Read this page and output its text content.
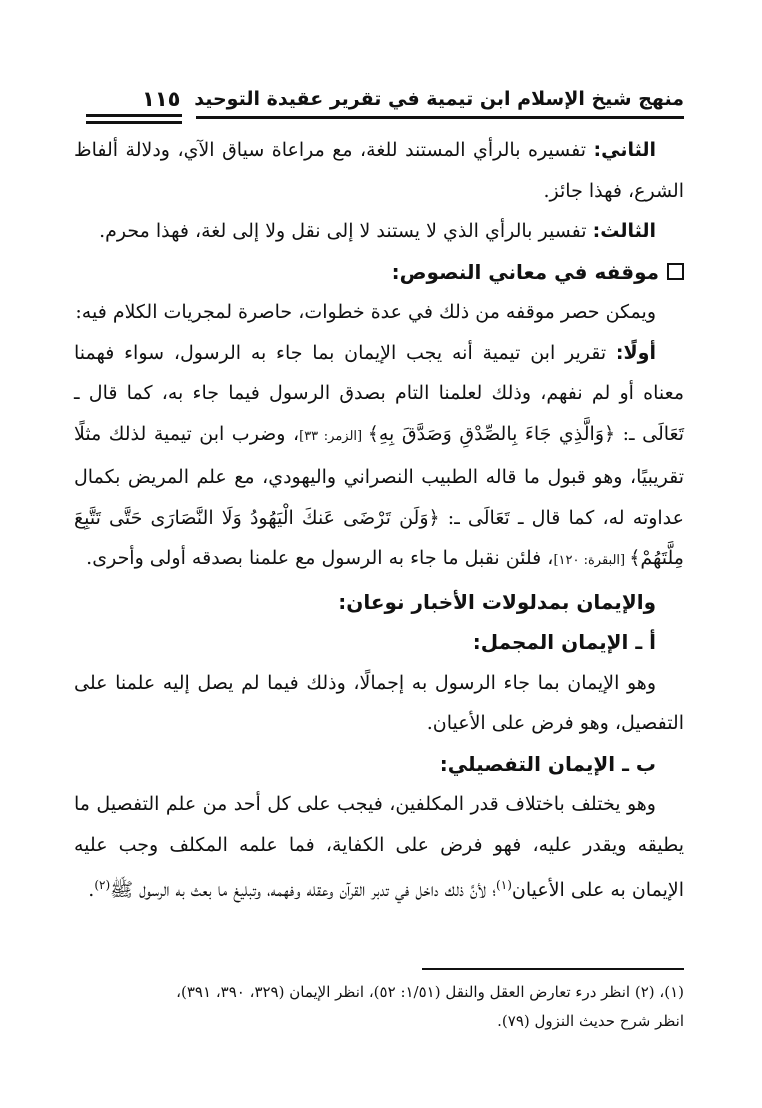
منهج شيخ الإسلام ابن تيمية في تقرير عقيدة التوحيد
١١٥

الثاني: تفسيره بالرأي المستند للغة، مع مراعاة سياق الآي، ودلالة ألفاظ الشرع، فهذا جائز.

الثالث: تفسير بالرأي الذي لا يستند لا إلى نقل ولا إلى لغة، فهذا محرم.

موقفه في معاني النصوص:

ويمكن حصر موقفه من ذلك في عدة خطوات، حاصرة لمجريات الكلام فيه:

أولًا: تقرير ابن تيمية أنه يجب الإيمان بما جاء به الرسول، سواء فهمنا معناه أو لم نفهم، وذلك لعلمنا التام بصدق الرسول فيما جاء به، كما قال ـ تَعَالَى ـ: ﴿وَالَّذِي جَاءَ بِالصِّدْقِ وَصَدَّقَ بِهِ﴾ [الزمر: ٣٣]، وضرب ابن تيمية لذلك مثلًا تقريبيًا، وهو قبول ما قاله الطبيب النصراني واليهودي، مع علم المريض بكمال عداوته له، كما قال ـ تَعَالَى ـ: ﴿وَلَن تَرْضَى عَنكَ الْيَهُودُ وَلَا النَّصَارَى حَتَّى تَتَّبِعَ مِلَّتَهُمْ﴾ [البقرة: ١٢٠]، فلئن نقبل ما جاء به الرسول مع علمنا بصدقه أولى وأحرى.

والإيمان بمدلولات الأخبار نوعان:

أ ـ الإيمان المجمل:

وهو الإيمان بما جاء الرسول به إجمالًا، وذلك فيما لم يصل إليه علمنا على التفصيل، وهو فرض على الأعيان.

ب ـ الإيمان التفصيلي:

وهو يختلف باختلاف قدر المكلفين، فيجب على كل أحد من علم التفصيل ما يطيقه ويقدر عليه، فهو فرض على الكفاية، فما علمه المكلف وجب عليه الإيمان به على الأعيان$^{(١)}$؛ لأنَّ ذلك داخل في تدبر القرآن وعقله وفهمه، وتبليغ ما بعث به الرسول ﷺ$^{(٢)}$.

(١)، (٢) انظر درء تعارض العقل والنقل (١/٥١: ٥٢)، انظر الإيمان (٣٢٩، ٣٩٠، ٣٩١)،

انظر شرح حديث النزول (٧٩).
